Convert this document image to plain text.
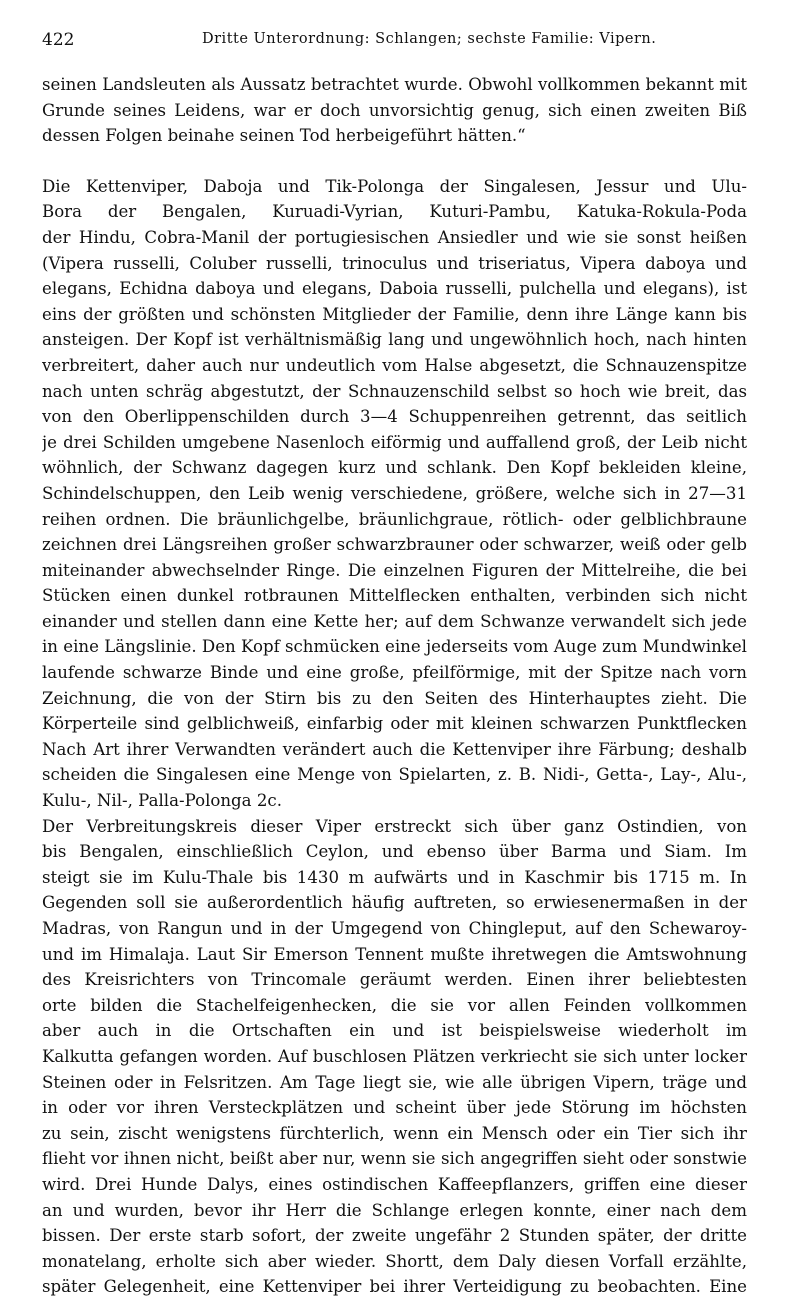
422	Dritte Unterordnung: Schlangen; sechste Familie: Vipern.
seinen Landsleuten als Aussatz betrachtet wurde. Obwohl vollkommen bekannt mit
Grunde seines Leidens, war er doch unvorsichtig genug, sich einen zweiten Biß
dessen Folgen beinahe seinen Tod herbeigeführt hätten.“
Die Kettenviper, Daboja und Tik-Polonga der Singalesen, Jessur und Ulu-
Bora der Bengalen, Kuruadi-Vyrian, Kuturi-Pambu, Katuka-Rokula-Poda
der Hindu, Cobra-Manil der portugiesischen Ansiedler und wie sie sonst heißen
(Vipera russelli, Coluber russelli, trinoculus und triseriatus, Vipera daboya und
elegans, Echidna daboya und elegans, Daboia russelli, pulchella und elegans), ist
eins der größten und schönsten Mitglieder der Familie, denn ihre Länge kann bis
ansteigen. Der Kopf ist verhältnismäßig lang und ungewöhnlich hoch, nach hinten
verbreitert, daher auch nur undeutlich vom Halse abgesetzt, die Schnauzenspitze
nach unten schräg abgestutzt, der Schnauzenschild selbst so hoch wie breit, das
von den Oberlippenschilden durch 3—4 Schuppenreihen getrennt, das seitlich
je drei Schilden umgebene Nasenloch eiförmig und auffallend groß, der Leib nicht
wöhnlich, der Schwanz dagegen kurz und schlank. Den Kopf bekleiden kleine,
Schindelschuppen, den Leib wenig verschiedene, größere, welche sich in 27—31
reihen ordnen. Die bräunlichgelbe, bräunlichgraue, rötlich- oder gelblichbraune
zeichnen drei Längsreihen großer schwarzbrauner oder schwarzer, weiß oder gelb
miteinander abwechselnder Ringe. Die einzelnen Figuren der Mittelreihe, die bei
Stücken einen dunkel rotbraunen Mittelflecken enthalten, verbinden sich nicht
einander und stellen dann eine Kette her; auf dem Schwanze verwandelt sich jede
in eine Längslinie. Den Kopf schmücken eine jederseits vom Auge zum Mundwinkel
laufende schwarze Binde und eine große, pfeilförmige, mit der Spitze nach vorn
Zeichnung, die von der Stirn bis zu den Seiten des Hinterhauptes zieht. Die
Körperteile sind gelblichweiß, einfarbig oder mit kleinen schwarzen Punktflecken
Nach Art ihrer Verwandten verändert auch die Kettenviper ihre Färbung; deshalb
scheiden die Singalesen eine Menge von Spielarten, z. B. Nidi-, Getta-, Lay-, Alu-,
Kulu-, Nil-, Palla-Polonga 2c.
Der Verbreitungskreis dieser Viper erstreckt sich über ganz Ostindien, von
bis Bengalen, einschließlich Ceylon, und ebenso über Barma und Siam. Im
steigt sie im Kulu-Thale bis 1430 m aufwärts und in Kaschmir bis 1715 m. In
Gegenden soll sie außerordentlich häufig auftreten, so erwiesenermaßen in der
Madras, von Rangun und in der Umgegend von Chingleput, auf den Schewaroy-
und im Himalaja. Laut Sir Emerson Tennent mußte ihretwegen die Amtswohnung
des Kreisrichters von Trincomale geräumt werden. Einen ihrer beliebtesten
orte bilden die Stachelfeigenhecken, die sie vor allen Feinden vollkommen
aber auch in die Ortschaften ein und ist beispielsweise wiederholt im
Kalkutta gefangen worden. Auf buschlosen Plätzen verkriecht sie sich unter locker
Steinen oder in Felsritzen. Am Tage liegt sie, wie alle übrigen Vipern, träge und
in oder vor ihren Versteckplätzen und scheint über jede Störung im höchsten
zu sein, zischt wenigstens fürchterlich, wenn ein Mensch oder ein Tier sich ihr
flieht vor ihnen nicht, beißt aber nur, wenn sie sich angegriffen sieht oder sonstwie
wird. Drei Hunde Dalys, eines ostindischen Kaffeepflanzers, griffen eine dieser
an und wurden, bevor ihr Herr die Schlange erlegen konnte, einer nach dem
bissen. Der erste starb sofort, der zweite ungefähr 2 Stunden später, der dritte
monatelang, erholte sich aber wieder. Shortt, dem Daly diesen Vorfall erzählte,
später Gelegenheit, eine Kettenviper bei ihrer Verteidigung zu beobachten. Eine
